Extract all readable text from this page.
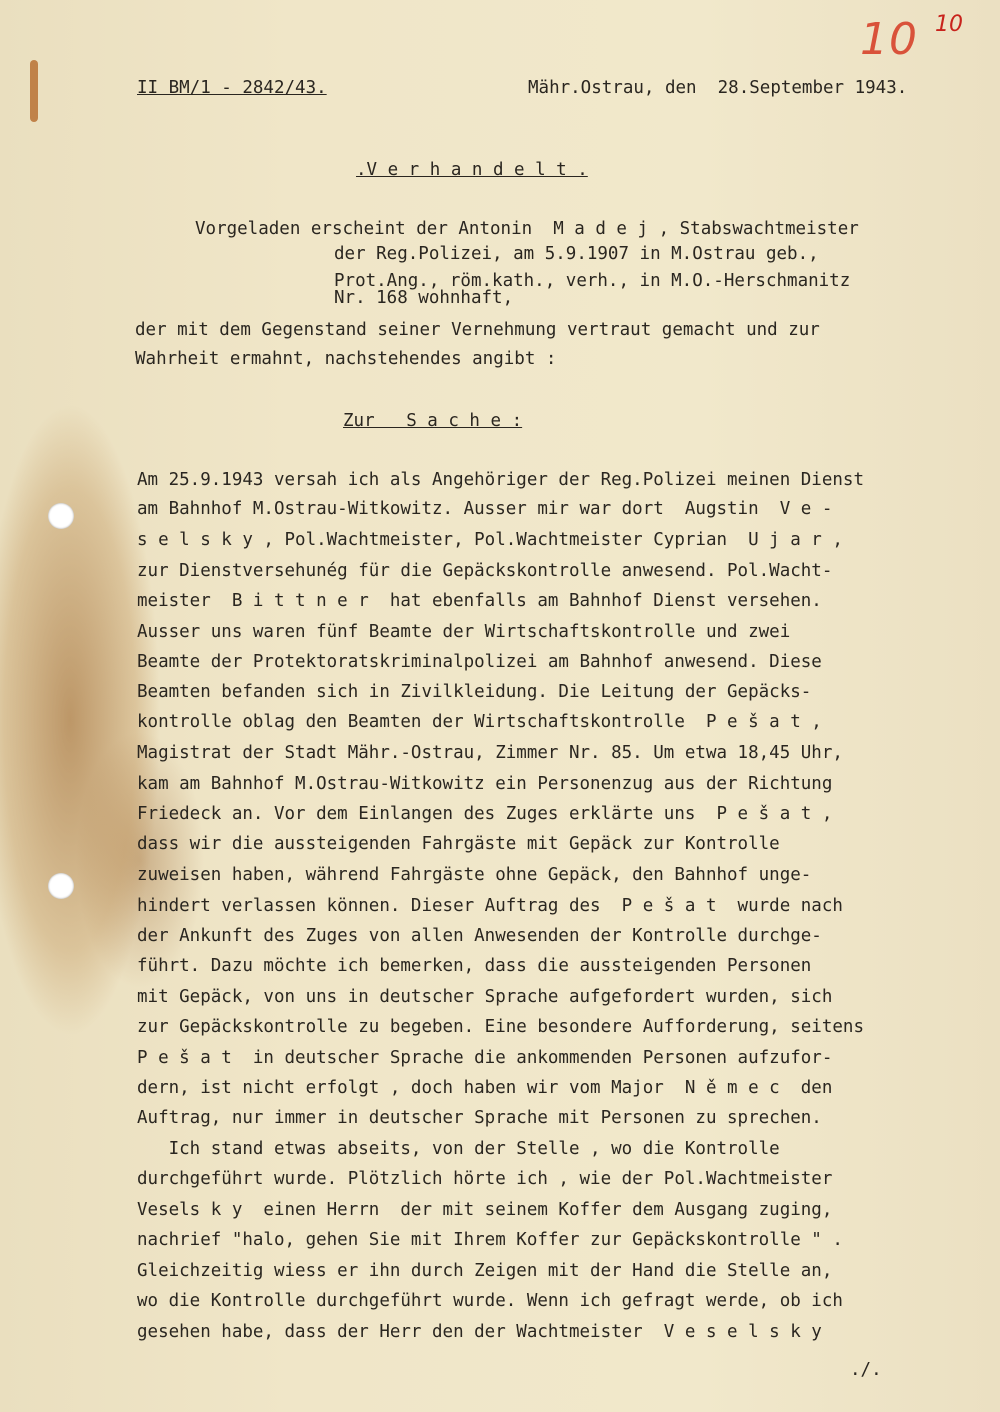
10 10
II BM/1 - 2842/43.	Mähr.Ostrau, den  28.September 1943.
.V e r h a n d e l t .
Vorgeladen erscheint der Antonin  M a d e j , Stabswachtmeister
der Reg.Polizei, am 5.9.1907 in M.Ostrau geb.,
Prot.Ang., röm.kath., verh., in M.O.-Herschmanitz
Nr. 168 wohnhaft,
der mit dem Gegenstand seiner Vernehmung vertraut gemacht und zur
Wahrheit ermahnt, nachstehendes angibt :
Zur   S a c h e :
Am 25.9.1943 versah ich als Angehöriger der Reg.Polizei meinen Dienst
am Bahnhof M.Ostrau-Witkowitz. Ausser mir war dort  Augstin  V e -
s e l s k y , Pol.Wachtmeister, Pol.Wachtmeister Cyprian  U j a r ,
zur Dienstversehunég für die Gepäckskontrolle anwesend. Pol.Wacht-
meister  B i t t n e r  hat ebenfalls am Bahnhof Dienst versehen.
Ausser uns waren fünf Beamte der Wirtschaftskontrolle und zwei
Beamte der Protektoratskriminalpolizei am Bahnhof anwesend. Diese
Beamten befanden sich in Zivilkleidung. Die Leitung der Gepäcks-
kontrolle oblag den Beamten der Wirtschaftskontrolle  P e š a t ,
Magistrat der Stadt Mähr.-Ostrau, Zimmer Nr. 85. Um etwa 18,45 Uhr,
kam am Bahnhof M.Ostrau-Witkowitz ein Personenzug aus der Richtung
Friedeck an. Vor dem Einlangen des Zuges erklärte uns  P e š a t ,
dass wir die aussteigenden Fahrgäste mit Gepäck zur Kontrolle
zuweisen haben, während Fahrgäste ohne Gepäck, den Bahnhof unge-
hindert verlassen können. Dieser Auftrag des  P e š a t  wurde nach
der Ankunft des Zuges von allen Anwesenden der Kontrolle durchge-
führt. Dazu möchte ich bemerken, dass die aussteigenden Personen
mit Gepäck, von uns in deutscher Sprache aufgefordert wurden, sich
zur Gepäckskontrolle zu begeben. Eine besondere Aufforderung, seitens
P e š a t  in deutscher Sprache die ankommenden Personen aufzufor-
dern, ist nicht erfolgt , doch haben wir vom Major  N ě m e c  den
Auftrag, nur immer in deutscher Sprache mit Personen zu sprechen.
Ich stand etwas abseits, von der Stelle , wo die Kontrolle
durchgeführt wurde. Plötzlich hörte ich , wie der Pol.Wachtmeister
Vesels k y  einen Herrn  der mit seinem Koffer dem Ausgang zuging,
nachrief "halo, gehen Sie mit Ihrem Koffer zur Gepäckskontrolle " .
Gleichzeitig wiess er ihn durch Zeigen mit der Hand die Stelle an,
wo die Kontrolle durchgeführt wurde. Wenn ich gefragt werde, ob ich
gesehen habe, dass der Herr den der Wachtmeister  V e s e l s k y
./.
